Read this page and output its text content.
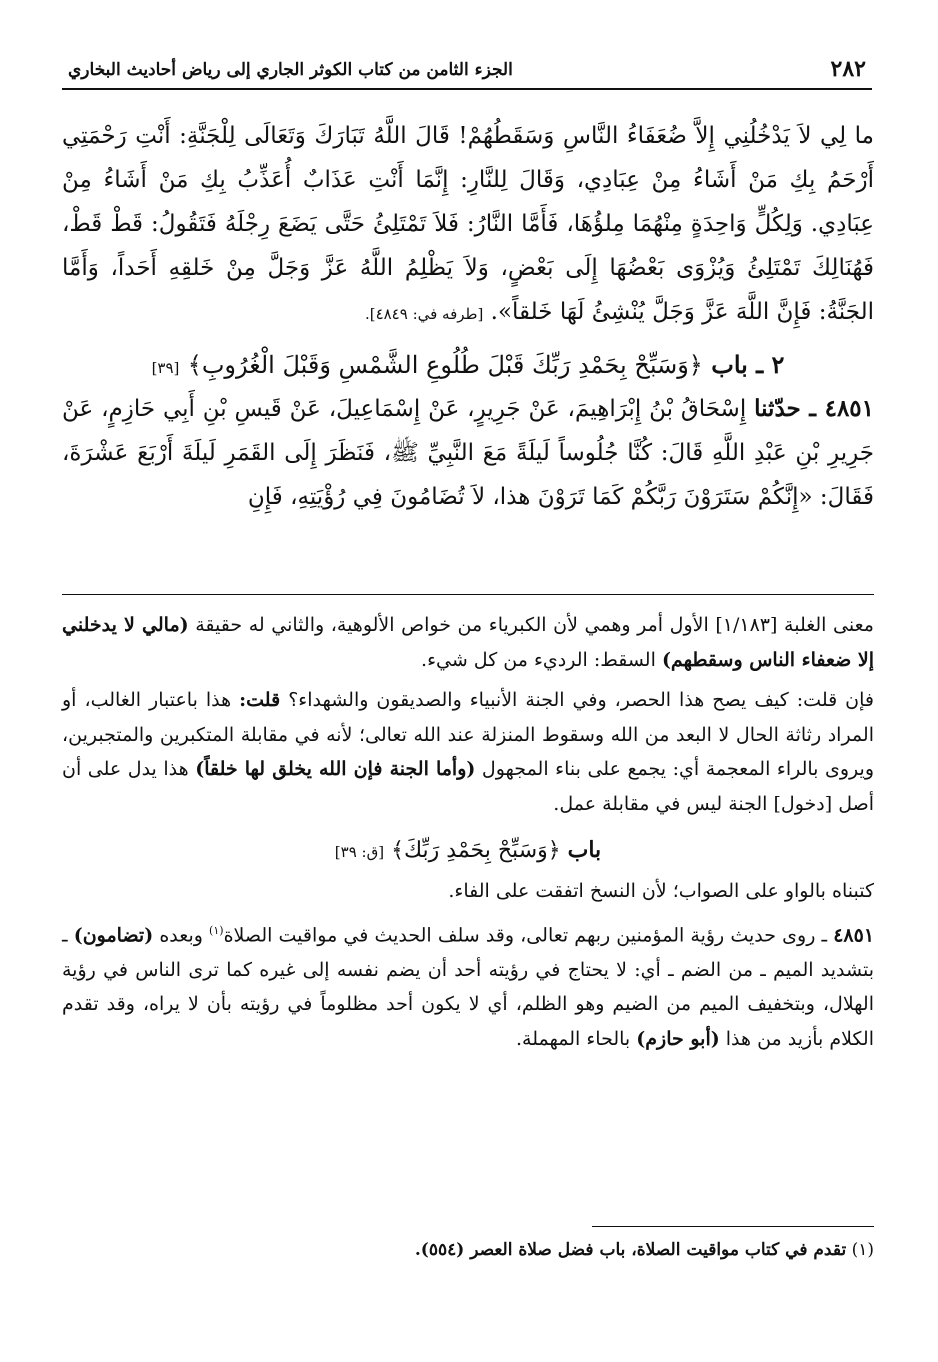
٢٨٢
الجزء الثامن من كتاب الكوثر الجاري إلى رياض أحاديث البخاري

ما لِي لاَ يَدْخُلُنِي إِلاَّ ضُعَفَاءُ النَّاسِ وَسَقَطُهُمْ! قَالَ اللَّهُ تَبَارَكَ وَتَعَالَى لِلْجَنَّةِ: أَنْتِ رَحْمَتِي أَرْحَمُ بِكِ مَنْ أَشَاءُ مِنْ عِبَادِي، وَقَالَ لِلنَّارِ: إِنَّمَا أَنْتِ عَذَابٌ أُعَذِّبُ بِكِ مَنْ أَشَاءُ مِنْ عِبَادِي. وَلِكُلٍّ وَاحِدَةٍ مِنْهُمَا مِلؤُهَا، فَأَمَّا النَّارُ: فَلاَ تَمْتَلِئُ حَتَّى يَضَعَ رِجْلَهُ فَتَقُولُ: قَطْ قَطْ، فَهُنَالِكَ تَمْتَلِئُ وَيُزْوَى بَعْضُهَا إِلَى بَعْضٍ، وَلاَ يَظْلِمُ اللَّهُ عَزَّ وَجَلَّ مِنْ خَلقِهِ أَحَداً، وَأَمَّا الجَنَّةُ: فَإِنَّ اللَّهَ عَزَّ وَجَلَّ يُنْشِئُ لَهَا خَلقاً». [طرفه في: ٤٨٤٩].

٢ ـ باب ﴿وَسَبِّحْ بِحَمْدِ رَبِّكَ قَبْلَ طُلُوعِ الشَّمْسِ وَقَبْلَ الْغُرُوبِ﴾ [٣٩]

٤٨٥١ ـ حدّثنا إِسْحَاقُ بْنُ إِبْرَاهِيمَ، عَنْ جَرِيرٍ، عَنْ إِسْمَاعِيلَ، عَنْ قَيسِ بْنِ أَبِي حَازِمٍ، عَنْ جَرِيرِ بْنِ عَبْدِ اللَّهِ قَالَ: كُنَّا جُلُوساً لَيلَةً مَعَ النَّبِيِّ ﷺ، فَنَظَرَ إِلَى القَمَرِ لَيلَةَ أَرْبَعَ عَشْرَةَ، فَقَالَ: «إِنَّكُمْ سَتَرَوْنَ رَبَّكُمْ كَمَا تَرَوْنَ هذا، لاَ تُضَامُونَ فِي رُؤْيَتِهِ، فَإِنِ

معنى الغلبة [١/١٨٣] الأول أمر وهمي لأن الكبرياء من خواص الألوهية، والثاني له حقيقة (مالي لا يدخلني إلا ضعفاء الناس وسقطهم) السقط: الرديء من كل شيء.

فإن قلت: كيف يصح هذا الحصر، وفي الجنة الأنبياء والصديقون والشهداء؟ قلت: هذا باعتبار الغالب، أو المراد رثاثة الحال لا البعد من الله وسقوط المنزلة عند الله تعالى؛ لأنه في مقابلة المتكبرين والمتجبرين، ويروى بالراء المعجمة أي: يجمع على بناء المجهول (وأما الجنة فإن الله يخلق لها خلقاً) هذا يدل على أن أصل [دخول] الجنة ليس في مقابلة عمل.

باب ﴿وَسَبِّحْ بِحَمْدِ رَبِّكَ﴾ [ق: ٣٩]

كتبناه بالواو على الصواب؛ لأن النسخ اتفقت على الفاء.

٤٨٥١ ـ روى حديث رؤية المؤمنين ربهم تعالى، وقد سلف الحديث في مواقيت الصلاة$^{(١)}$ وبعده (تضامون) ـ بتشديد الميم ـ من الضم ـ أي: لا يحتاج في رؤيته أحد أن يضم نفسه إلى غيره كما ترى الناس في رؤية الهلال، وبتخفيف الميم من الضيم وهو الظلم، أي لا يكون أحد مظلوماً في رؤيته بأن لا يراه، وقد تقدم الكلام بأزيد من هذا (أبو حازم) بالحاء المهملة.

(١) تقدم في كتاب مواقيت الصلاة، باب فضل صلاة العصر (٥٥٤).
